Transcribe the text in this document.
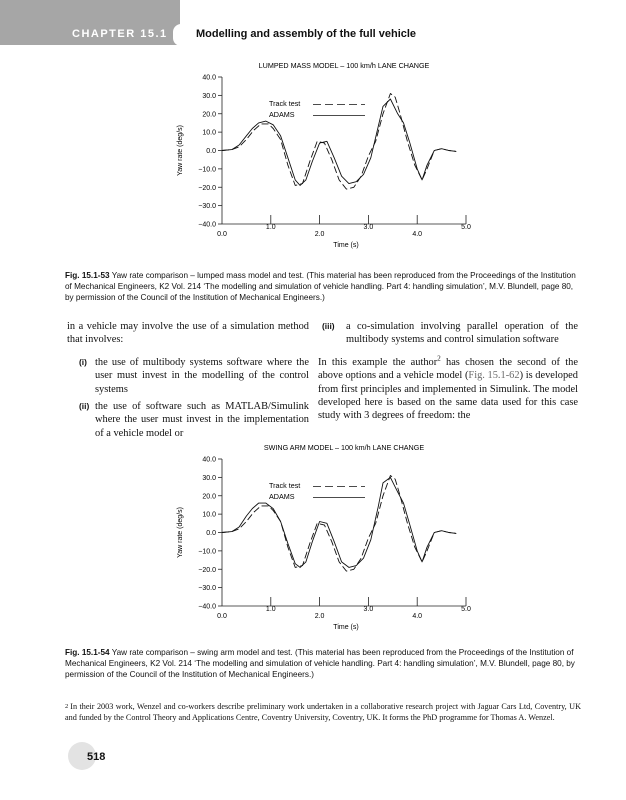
CHAPTER 15.1	Modelling and assembly of the full vehicle
LUMPED MASS MODEL – 100 km/h LANE CHANGE
−40.0
−30.0
−20.0
−10.0
0.0
10.0
20.0
30.0
40.0
0.0	2.0	4.0
1.0	3.0	5.0
Time (s)
Yaw rate (deg/s)
Track test
ADAMS
Fig. 15.1-53 Yaw rate comparison – lumped mass model and test. (This material has been reproduced from the Proceedings of the Institution of Mechanical Engineers, K2 Vol. 214 ‘The modelling and simulation of vehicle handling. Part 4: handling simulation’, M.V. Blundell, page 80, by permission of the Council of the Institution of Mechanical Engineers.)

in a vehicle may involve the use of a simulation method that involves:

(i) the use of multibody systems software where the user must invest in the modelling of the control systems
(ii) the use of software such as MATLAB/Simulink where the user must invest in the implementation of a vehicle model or
(iii) a co-simulation involving parallel operation of the multibody systems and control simulation software

In this example the author$^2$ has chosen the second of the above options and a vehicle model (Fig. 15.1-62) is developed from first principles and implemented in Simulink. The model developed here is based on the same data used for this case study with 3 degrees of freedom: the

SWING ARM MODEL – 100 km/h LANE CHANGE
−40.0
−30.0
−20.0
−10.0
0.0
10.0
20.0
30.0
40.0
0.0	2.0	4.0
1.0	3.0	5.0
Time (s)
Yaw rate (deg/s)
Track test
ADAMS
Fig. 15.1-54 Yaw rate comparison – swing arm model and test. (This material has been reproduced from the Proceedings of the Institution of Mechanical Engineers, K2 Vol. 214 ‘The modelling and simulation of vehicle handling. Part 4: handling simulation’, M.V. Blundell, page 80, by permission of the Council of the Institution of Mechanical Engineers.)
$^2$ In their 2003 work, Wenzel and co-workers describe preliminary work undertaken in a collaborative research project with Jaguar Cars Ltd, Coventry, UK and funded by the Control Theory and Applications Centre, Coventry University, Coventry, UK. It forms the PhD programme for Thomas A. Wenzel.
518
